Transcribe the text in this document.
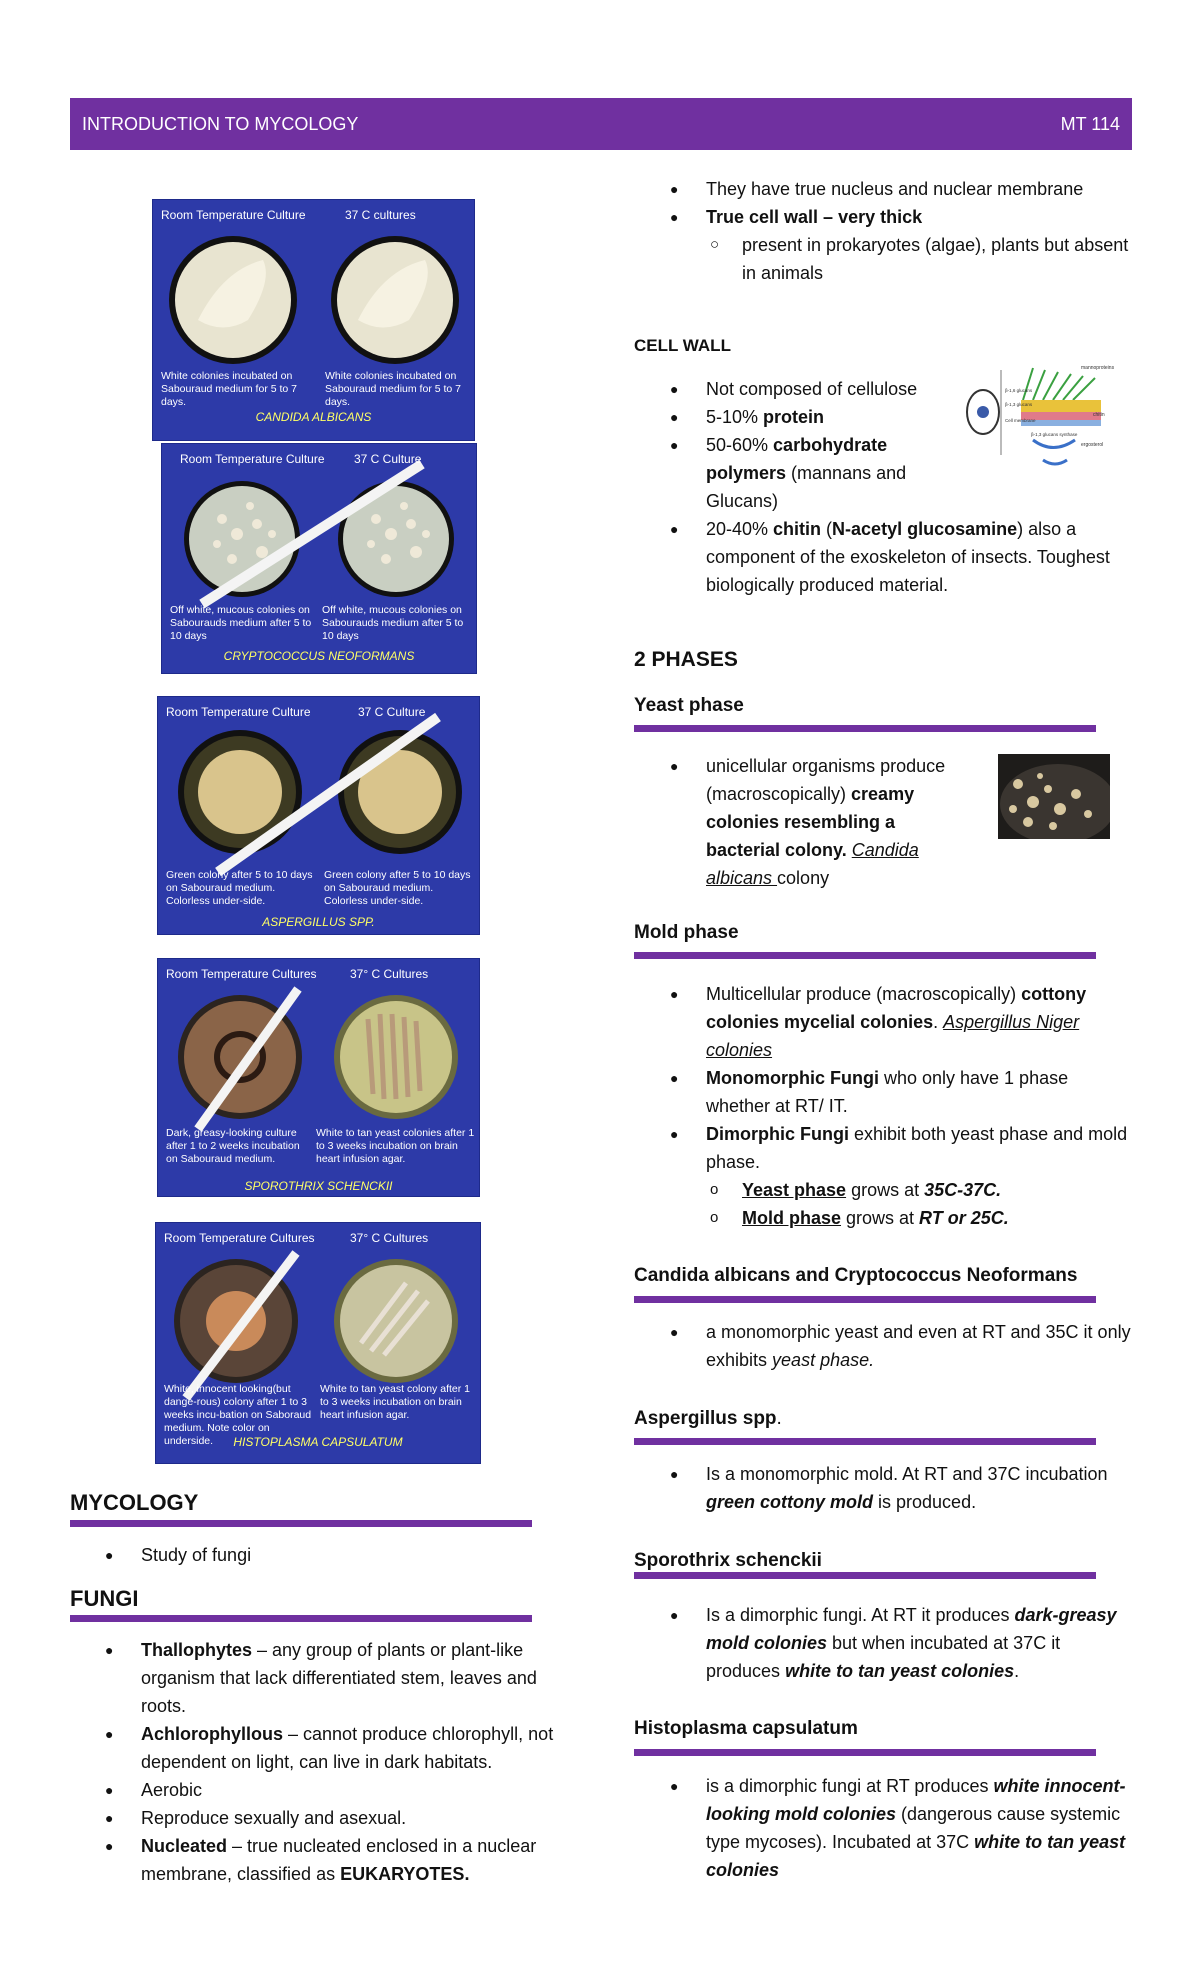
INTRODUCTION TO MYCOLOGY	MT 114
Room Temperature Culture	37 C cultures
White colonies incubated on Sabouraud medium for 5 to 7 days.
White colonies incubated on Sabouraud medium for 5 to 7 days.
CANDIDA ALBICANS
Room Temperature Culture 37 C Culture
Off white, mucous colonies on Sabourauds medium after 5 to 10 days
Off white, mucous colonies on Sabourauds medium after 5 to 10 days
CRYPTOCOCCUS NEOFORMANS
Room Temperature Culture	37 C Culture
Green colony after 5 to 10 days on Sabouraud medium. Colorless under-side.
Green colony after 5 to 10 days on Sabouraud medium. Colorless under-side.
ASPERGILLUS SPP.
Room Temperature Cultures	37° C Cultures
Dark, greasy-looking culture after 1 to 2 weeks incubation on Sabouraud medium.
White to tan yeast colonies after 1 to 3 weeks incubation on brain heart infusion agar.
SPOROTHRIX SCHENCKII
Room Temperature Cultures	37° C Cultures
White, innocent looking(but dange-rous) colony after 1 to 3 weeks incu-bation on Saboraud medium. Note color on underside.
White to tan yeast colony after 1 to 3 weeks incubation on brain heart infusion agar.
HISTOPLASMA CAPSULATUM
MYCOLOGY
● Study of fungi
FUNGI
● Thallophytes – any group of plants or plant-like organism that lack differentiated stem, leaves and roots.
● Achlorophyllous – cannot produce chlorophyll, not dependent on light, can live in dark habitats.
● Aerobic
● Reproduce sexually and asexual.
● Nucleated – true nucleated enclosed in a nuclear membrane, classified as EUKARYOTES.
● They have true nucleus and nuclear membrane
● True cell wall – very thick
○ present in prokaryotes (algae), plants but absent in animals
CELL WALL
● Not composed of cellulose
● 5-10% protein
● 50-60% carbohydrate polymers (mannans and Glucans)
● 20-40% chitin (N-acetyl glucosamine) also a component of the exoskeleton of insects. Toughest biologically produced material.
mannoproteins
β-1,6 glucans
β-1,3 glucans
Cell membrane
chitin
β-1,3 glucans synthase
ergosterol
2 PHASES
Yeast phase
● unicellular organisms produce (macroscopically) creamy colonies resembling a bacterial colony. Candida albicans colony
Mold phase
● Multicellular produce (macroscopically) cottony colonies mycelial colonies. Aspergillus Niger colonies
● Monomorphic Fungi who only have 1 phase whether at RT/ IT.
● Dimorphic Fungi exhibit both yeast phase and mold phase.
o Yeast phase grows at 35C-37C.
o Mold phase grows at RT or 25C.
Candida albicans and Cryptococcus Neoformans
● a monomorphic yeast and even at RT and 35C it only exhibits yeast phase.
Aspergillus spp.
● Is a monomorphic mold. At RT and 37C incubation green cottony mold is produced.
Sporothrix schenckii
● Is a dimorphic fungi. At RT it produces dark-greasy mold colonies but when incubated at 37C it produces white to tan yeast colonies.
Histoplasma capsulatum
● is a dimorphic fungi at RT produces white innocent-looking mold colonies (dangerous cause systemic type mycoses). Incubated at 37C white to tan yeast colonies
